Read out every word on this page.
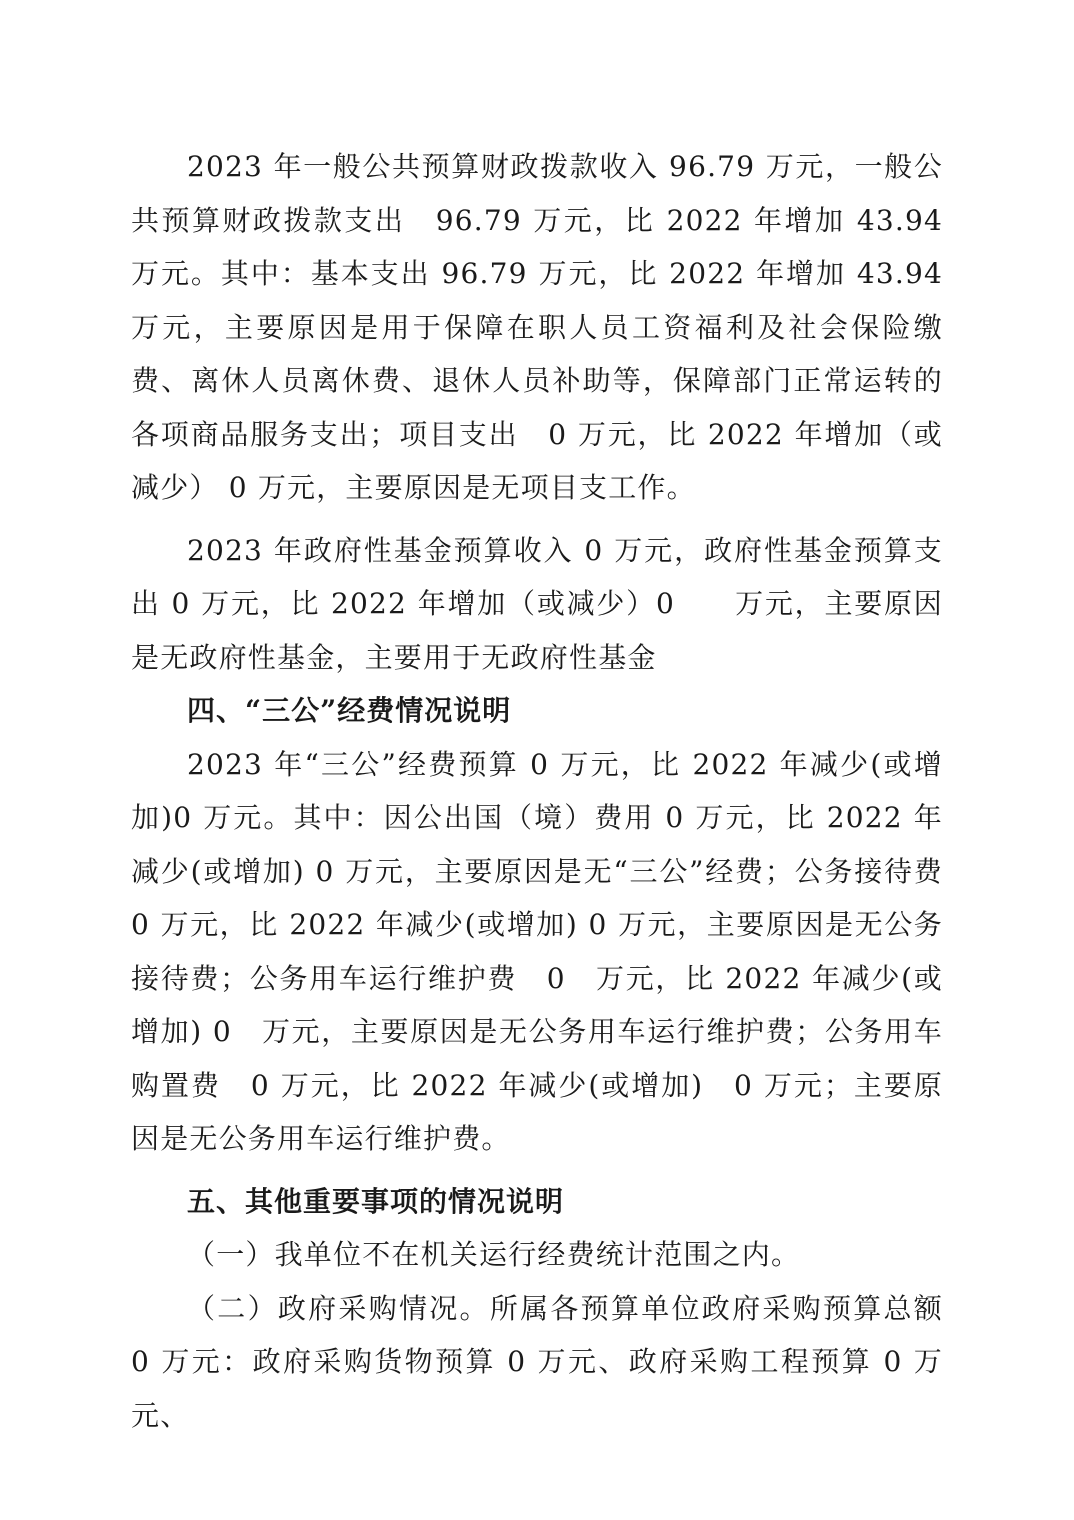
2023 年一般公共预算财政拨款收入 96.79 万元，一般公共预算财政拨款支出　96.79 万元，比 2022 年增加 43.94 万元。其中：基本支出 96.79 万元，比 2022 年增加 43.94 万元，主要原因是用于保障在职人员工资福利及社会保险缴费、离休人员离休费、退休人员补助等，保障部门正常运转的各项商品服务支出；项目支出　0 万元，比 2022 年增加（或减少） 0 万元，主要原因是无项目支工作。

2023 年政府性基金预算收入 0 万元，政府性基金预算支出 0 万元，比 2022 年增加（或减少）0　　万元，主要原因是无政府性基金，主要用于无政府性基金

四、“三公”经费情况说明

2023 年“三公”经费预算 0 万元，比 2022 年减少(或增加)0 万元。其中：因公出国（境）费用 0 万元，比 2022 年减少(或增加) 0 万元，主要原因是无“三公”经费；公务接待费 0 万元，比 2022 年减少(或增加) 0 万元，主要原因是无公务接待费；公务用车运行维护费　0　万元，比 2022 年减少(或增加) 0　万元，主要原因是无公务用车运行维护费；公务用车购置费　0 万元，比 2022 年减少(或增加)　0 万元；主要原因是无公务用车运行维护费。

五、其他重要事项的情况说明

（一）我单位不在机关运行经费统计范围之内。

（二）政府采购情况。所属各预算单位政府采购预算总额 0 万元：政府采购货物预算 0 万元、政府采购工程预算 0 万元、
